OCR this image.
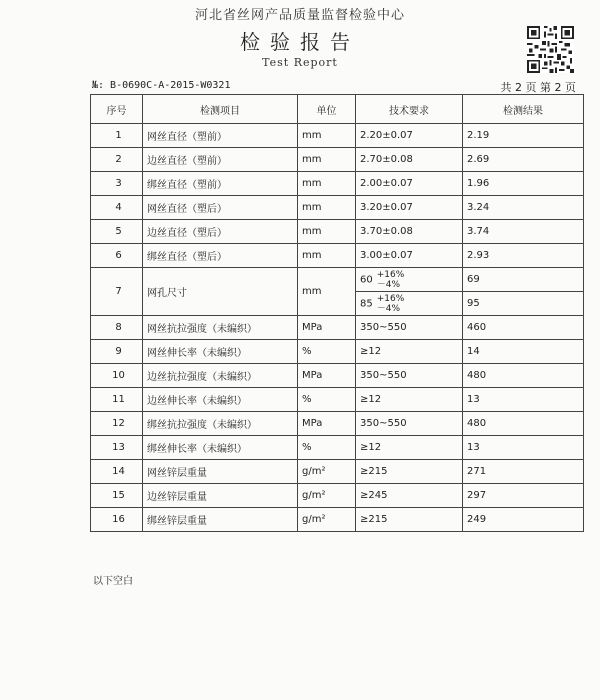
河北省丝网产品质量监督检验中心
检验报告
Test Report
№: B-0690C-A-2015-W0321	共 2 页 第 2 页
序号	检测项目	单位	技术要求	检测结果
1	网丝直径（塑前）	mm	2.20±0.07	2.19
2	边丝直径（塑前）	mm	2.70±0.08	2.69
3	绑丝直径（塑前）	mm	2.00±0.07	1.96
4	网丝直径（塑后）	mm	3.20±0.07	3.24
5	边丝直径（塑后）	mm	3.70±0.08	3.74
6	绑丝直径（塑后）	mm	3.00±0.07	2.93
7	网孔尺寸	mm	60 +16%
－4%	69
			85 +16%
－4%	95
8	网丝抗拉强度（未编织）	MPa	350~550	460
9	网丝伸长率（未编织）	%	≥12	14
10	边丝抗拉强度（未编织）	MPa	350~550	480
11	边丝伸长率（未编织）	%	≥12	13
12	绑丝抗拉强度（未编织）	MPa	350~550	480
13	绑丝伸长率（未编织）	%	≥12	13
14	网丝锌层重量	g/m²	≥215	271
15	边丝锌层重量	g/m²	≥245	297
16	绑丝锌层重量	g/m²	≥215	249
以下空白
